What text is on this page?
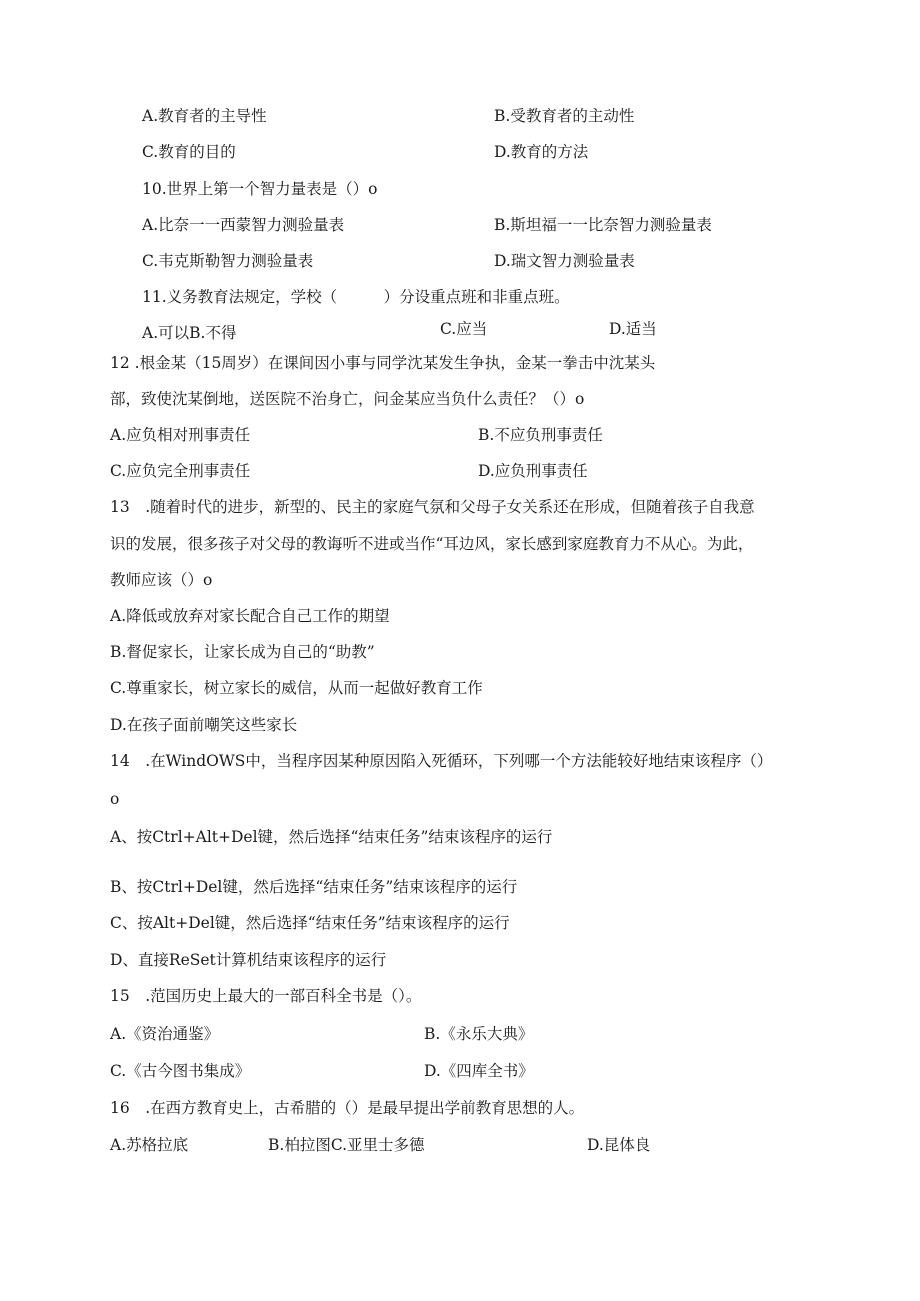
A.教育者的主导性	B.受教育者的主动性
C.教育的目的	D.教育的方法
10.世界上第一个智力量表是（）o
A.比奈一一西蒙智力测验量表	B.斯坦福一一比奈智力测验量表
C.韦克斯勒智力测验量表	D.瑞文智力测验量表
11.义务教育法规定，学校（　　　）分设重点班和非重点班。
A.可以B.不得	C.应当	D.适当
12 .根金某（15周岁）在课间因小事与同学沈某发生争执，金某一拳击中沈某头
部，致使沈某倒地，送医院不治身亡，问金某应当负什么责任？（）o
A.应负相对刑事责任	B.不应负刑事责任
C.应负完全刑事责任	D.应负刑事责任
13　.随着时代的进步，新型的、民主的家庭气氛和父母子女关系还在形成，但随着孩子自我意
识的发展，很多孩子对父母的教诲听不进或当作“耳边风，家长感到家庭教育力不从心。为此，
教师应该（）o
A.降低或放弃对家长配合自己工作的期望
B.督促家长，让家长成为自己的“助教”
C.尊重家长，树立家长的威信，从而一起做好教育工作
D.在孩子面前嘲笑这些家长
14　.在WindOWS中，当程序因某种原因陷入死循环，下列哪一个方法能较好地结束该程序（）
o
A、按Ctrl+Alt+Del键，然后选择“结束任务”结束该程序的运行
B、按Ctrl+Del键，然后选择“结束任务”结束该程序的运行
C、按Alt+Del键，然后选择“结束任务”结束该程序的运行
D、直接ReSet计算机结束该程序的运行
15　.范国历史上最大的一部百科全书是（）。
A.《资治通鉴》	B.《永乐大典》
C.《古今图书集成》	D.《四库全书》
16　.在西方教育史上，古希腊的（）是最早提出学前教育思想的人。
A.苏格拉底	B.柏拉图C.亚里士多德	D.昆体良
